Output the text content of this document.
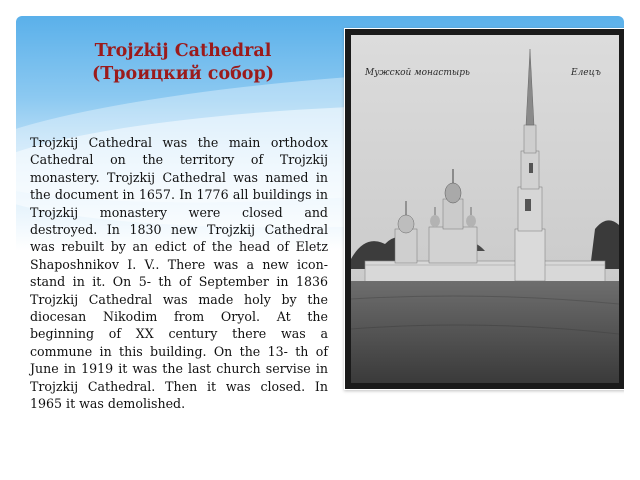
Trojzkij Cathedral
(Троицкий собор)
Trojzkij Cathedral was the main orthodox Cathedral on the territory of Trojzkij monastery. Trojzkij Cathedral was named in the document in 1657. In 1776 all buildings in Trojzkij monastery were closed and destroyed. In 1830 new Trojzkij Cathedral was rebuilt by an edict of the head of Eletz Shaposhnikov I. V.. There was a new icon-stand in it. On 5- th of September in 1836 Trojzkij Cathedral was made holy by the diocesan Nikodim from Oryol. At the beginning of XX century there was a commune in this building. On the 13- th of June in 1919 it was the last church servise in Trojzkij Cathedral. Then it was closed. In 1965 it was demolished.
Мужской монастырь	Елецъ
